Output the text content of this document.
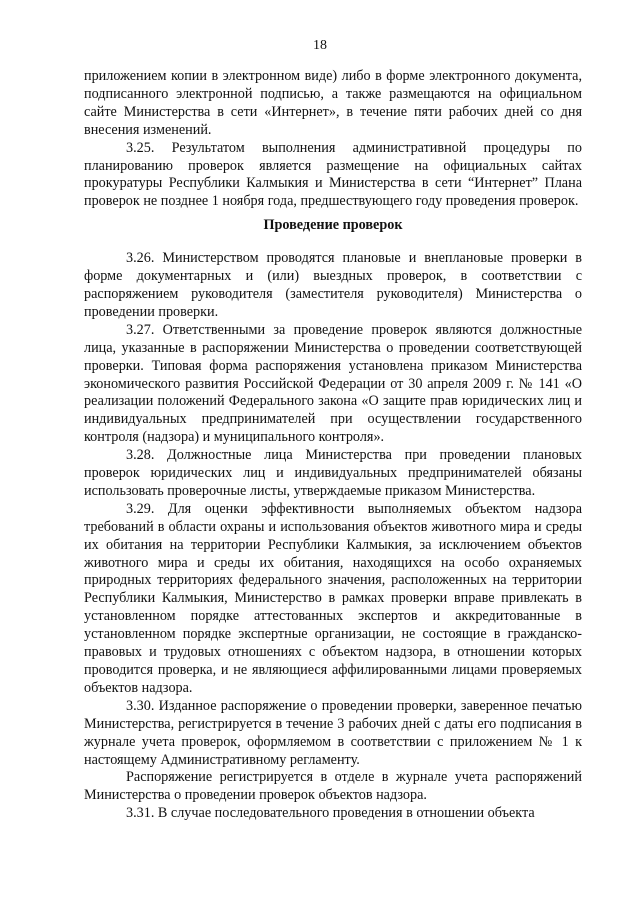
18

приложением копии в электронном виде) либо в форме электронного документа, подписанного электронной подписью, а также размещаются на официальном сайте Министерства в сети «Интернет», в течение пяти рабочих дней со дня внесения изменений.

3.25. Результатом выполнения административной процедуры по планированию проверок является размещение на официальных сайтах прокуратуры Республики Калмыкия и Министерства в сети “Интернет” Плана проверок не позднее 1 ноября года, предшествующего году проведения проверок.

Проведение проверок

3.26. Министерством проводятся плановые и внеплановые проверки в форме документарных и (или) выездных проверок, в соответствии с распоряжением руководителя (заместителя руководителя) Министерства о проведении проверки.

3.27. Ответственными за проведение проверок являются должностные лица, указанные в распоряжении Министерства о проведении соответствующей проверки. Типовая форма распоряжения установлена приказом Министерства экономического развития Российской Федерации от 30 апреля 2009 г. № 141 «О реализации положений Федерального закона «О защите прав юридических лиц и индивидуальных предпринимателей при осуществлении государственного контроля (надзора) и муниципального контроля».

3.28. Должностные лица Министерства при проведении плановых проверок юридических лиц и индивидуальных предпринимателей обязаны использовать проверочные листы, утверждаемые приказом Министерства.

3.29. Для оценки эффективности выполняемых объектом надзора требований в области охраны и использования объектов животного мира и среды их обитания на территории Республики Калмыкия, за исключением объектов животного мира и среды их обитания, находящихся на особо охраняемых природных территориях федерального значения, расположенных на территории Республики Калмыкия, Министерство в рамках проверки вправе привлекать в установленном порядке аттестованных экспертов и аккредитованные в установленном порядке экспертные организации, не состоящие в гражданско-правовых и трудовых отношениях с объектом надзора, в отношении которых проводится проверка, и не являющиеся аффилированными лицами проверяемых объектов надзора.

3.30. Изданное распоряжение о проведении проверки, заверенное печатью Министерства, регистрируется в течение 3 рабочих дней с даты его подписания в журнале учета проверок, оформляемом в соответствии с приложением № 1 к настоящему Административному регламенту.

Распоряжение регистрируется в отделе в журнале учета распоряжений Министерства о проведении проверок объектов надзора.

3.31. В случае последовательного проведения в отношении объекта
